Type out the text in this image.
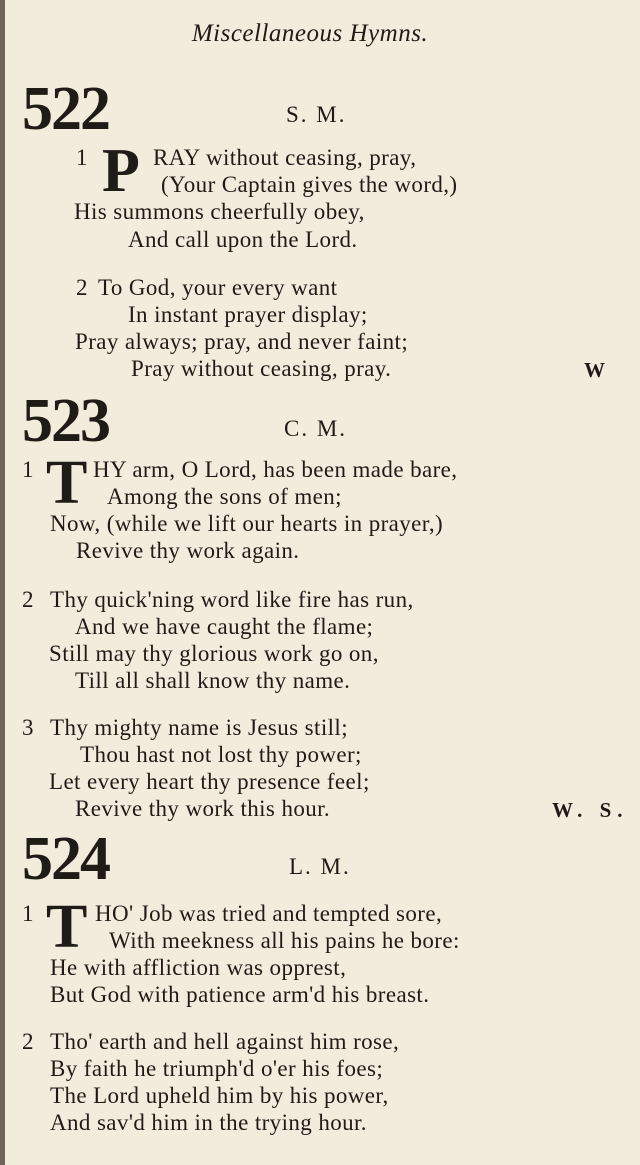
Miscellaneous Hymns.
522	S. M.
1 P RAY without ceasing, pray,
(Your Captain gives the word,)
His summons cheerfully obey,
And call upon the Lord.
2 To God, your every want
In instant prayer display;
Pray always; pray, and never faint;
Pray without ceasing, pray.	W
523	C. M.
1 T HY arm, O Lord, has been made bare,
Among the sons of men;
Now, (while we lift our hearts in prayer,)
Revive thy work again.
2 Thy quick'ning word like fire has run,
And we have caught the flame;
Still may thy glorious work go on,
Till all shall know thy name.
3 Thy mighty name is Jesus still;
Thou hast not lost thy power;
Let every heart thy presence feel;
Revive thy work this hour.	W. S.
524	L. M.
1 T HO' Job was tried and tempted sore,
With meekness all his pains he bore:
He with affliction was opprest,
But God with patience arm'd his breast.
2 Tho' earth and hell against him rose,
By faith he triumph'd o'er his foes;
The Lord upheld him by his power,
And sav'd him in the trying hour.
